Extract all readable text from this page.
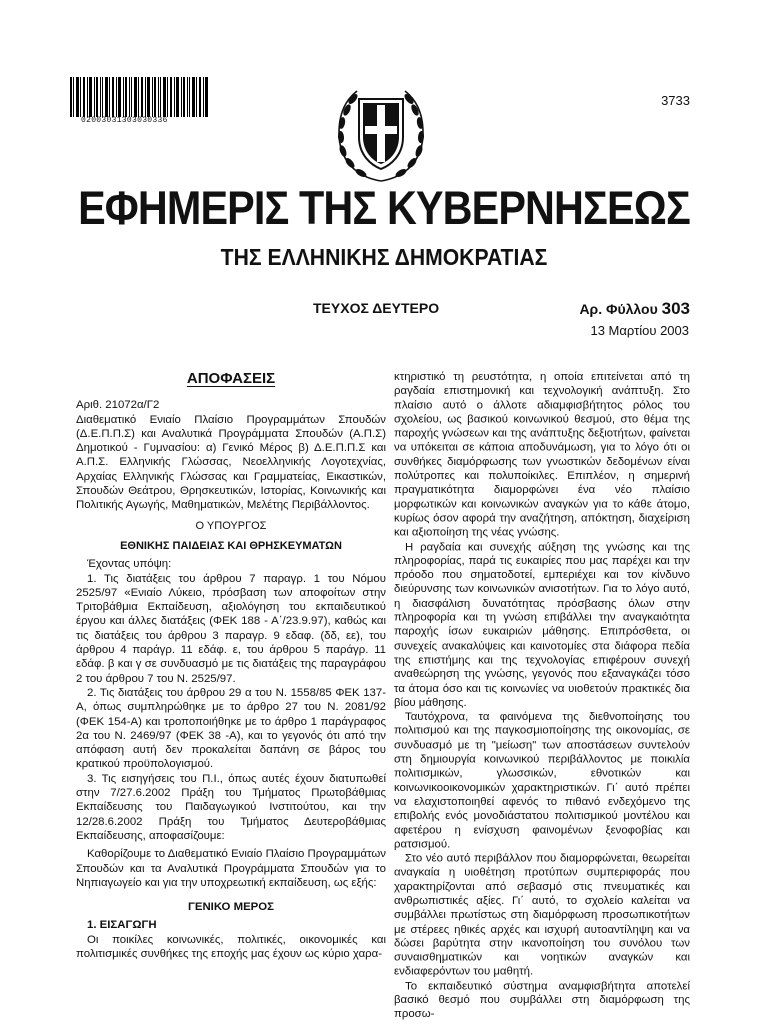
02003031303030336
3733
ΕΦΗΜΕΡΙΣ ΤΗΣ ΚΥΒΕΡΝΗΣΕΩΣ
ΤΗΣ ΕΛΛΗΝΙΚΗΣ ΔΗΜΟΚΡΑΤΙΑΣ
ΤΕΥΧΟΣ ΔΕΥΤΕΡΟ	Αρ. Φύλλου 303
13 Μαρτίου 2003
ΑΠΟΦΑΣΕΙΣ

Αριθ. 21072α/Γ2

Διαθεματικό Ενιαίο Πλαίσιο Προγραμμάτων Σπουδών (Δ.Ε.Π.Π.Σ) και Αναλυτικά Προγράμματα Σπουδών (Α.Π.Σ) Δημοτικού - Γυμνασίου: α) Γενικό Μέρος β) Δ.Ε.Π.Π.Σ και Α.Π.Σ. Ελληνικής Γλώσσας, Νεοελληνικής Λογοτεχνίας, Αρχαίας Ελληνικής Γλώσσας και Γραμματείας, Εικαστικών, Σπουδών Θεάτρου, Θρησκευτικών, Ιστορίας, Κοινωνικής και Πολιτικής Αγωγής, Μαθηματικών, Μελέτης Περιβάλλοντος.

Ο ΥΠΟΥΡΓΟΣ
ΕΘΝΙΚΗΣ ΠΑΙΔΕΙΑΣ ΚΑΙ ΘΡΗΣΚΕΥΜΑΤΩΝ

Έχοντας υπόψη:

1. Τις διατάξεις του άρθρου 7 παραγρ. 1 του Νόμου 2525/97 «Ενιαίο Λύκειο, πρόσβαση των αποφοίτων στην Τριτοβάθμια Εκπαίδευση, αξιολόγηση του εκπαιδευτικού έργου και άλλες διατάξεις (ΦΕΚ 188 - Α΄/23.9.97), καθώς και τις διατάξεις του άρθρου 3 παραγρ. 9 εδαφ. (δδ, εε), του άρθρου 4 παράγρ. 11 εδάφ. ε, του άρθρου 5 παράγρ. 11 εδάφ. β και γ σε συνδυασμό με τις διατάξεις της παραγράφου 2 του άρθρου 7 του Ν. 2525/97.

2. Τις διατάξεις του άρθρου 29 α του Ν. 1558/85 ΦΕΚ 137-Α, όπως συμπληρώθηκε με το άρθρο 27 του Ν. 2081/92 (ΦΕΚ 154-Α) και τροποποιήθηκε με το άρθρο 1 παράγραφος 2α του Ν. 2469/97 (ΦΕΚ 38 -Α), και το γεγονός ότι από την απόφαση αυτή δεν προκαλείται δαπάνη σε βάρος του κρατικού προϋπολογισμού.

3. Τις εισηγήσεις του Π.Ι., όπως αυτές έχουν διατυπωθεί στην 7/27.6.2002 Πράξη του Τμήματος Πρωτοβάθμιας Εκπαίδευσης του Παιδαγωγικού Ινστιτούτου, και την 12/28.6.2002 Πράξη του Τμήματος Δευτεροβάθμιας Εκπαίδευσης, αποφασίζουμε:

Καθορίζουμε το Διαθεματικό Ενιαίο Πλαίσιο Προγραμμάτων Σπουδών και τα Αναλυτικά Προγράμματα Σπουδών για το Νηπιαγωγείο και για την υποχρεωτική εκπαίδευση, ως εξής:

ΓΕΝΙΚΟ ΜΕΡΟΣ

1. ΕΙΣΑΓΩΓΗ

Οι ποικίλες κοινωνικές, πολιτικές, οικονομικές και πολιτισμικές συνθήκες της εποχής μας έχουν ως κύριο χαρα-

κτηριστικό τη ρευστότητα, η οποία επιτείνεται από τη ραγδαία επιστημονική και τεχνολογική ανάπτυξη. Στο πλαίσιο αυτό ο άλλοτε αδιαμφισβήτητος ρόλος του σχολείου, ως βασικού κοινωνικού θεσμού, στο θέμα της παροχής γνώσεων και της ανάπτυξης δεξιοτήτων, φαίνεται να υπόκειται σε κάποια αποδυνάμωση, για το λόγο ότι οι συνθήκες διαμόρφωσης των γνωστικών δεδομένων είναι πολύτροπες και πολυποίκιλες. Επιπλέον, η σημερινή πραγματικότητα διαμορφώνει ένα νέο πλαίσιο μορφωτικών και κοινωνικών αναγκών για το κάθε άτομο, κυρίως όσον αφορά την αναζήτηση, απόκτηση, διαχείριση και αξιοποίηση της νέας γνώσης.

Η ραγδαία και συνεχής αύξηση της γνώσης και της πληροφορίας, παρά τις ευκαιρίες που μας παρέχει και την πρόοδο που σηματοδοτεί, εμπεριέχει και τον κίνδυνο διεύρυνσης των κοινωνικών ανισοτήτων. Για το λόγο αυτό, η διασφάλιση δυνατότητας πρόσβασης όλων στην πληροφορία και τη γνώση επιβάλλει την αναγκαιότητα παροχής ίσων ευκαιριών μάθησης. Επιπρόσθετα, οι συνεχείς ανακαλύψεις και καινοτομίες στα διάφορα πεδία της επιστήμης και της τεχνολογίας επιφέρουν συνεχή αναθεώρηση της γνώσης, γεγονός που εξαναγκάζει τόσο τα άτομα όσο και τις κοινωνίες να υιοθετούν πρακτικές δια βίου μάθησης.

Ταυτόχρονα, τα φαινόμενα της διεθνοποίησης του πολιτισμού και της παγκοσμιοποίησης της οικονομίας, σε συνδυασμό με τη "μείωση" των αποστάσεων συντελούν στη δημιουργία κοινωνικού περιβάλλοντος με ποικιλία πολιτισμικών, γλωσσικών, εθνοτικών και κοινωνικοοικονομικών χαρακτηριστικών. Γι΄ αυτό πρέπει να ελαχιστοποιηθεί αφενός το πιθανό ενδεχόμενο της επιβολής ενός μονοδιάστατου πολιτισμικού μοντέλου και αφετέρου η ενίσχυση φαινομένων ξενοφοβίας και ρατσισμού.

Στο νέο αυτό περιβάλλον που διαμορφώνεται, θεωρείται αναγκαία η υιοθέτηση προτύπων συμπεριφοράς που χαρακτηρίζονται από σεβασμό στις πνευματικές και ανθρωπιστικές αξίες. Γι΄ αυτό, το σχολείο καλείται να συμβάλλει πρωτίστως στη διαμόρφωση προσωπικοτήτων με στέρεες ηθικές αρχές και ισχυρή αυτοαντίληψη και να δώσει βαρύτητα στην ικανοποίηση του συνόλου των συναισθηματικών και νοητικών αναγκών και ενδιαφερόντων του μαθητή.

Το εκπαιδευτικό σύστημα αναμφισβήτητα αποτελεί βασικό θεσμό που συμβάλλει στη διαμόρφωση της προσω-
